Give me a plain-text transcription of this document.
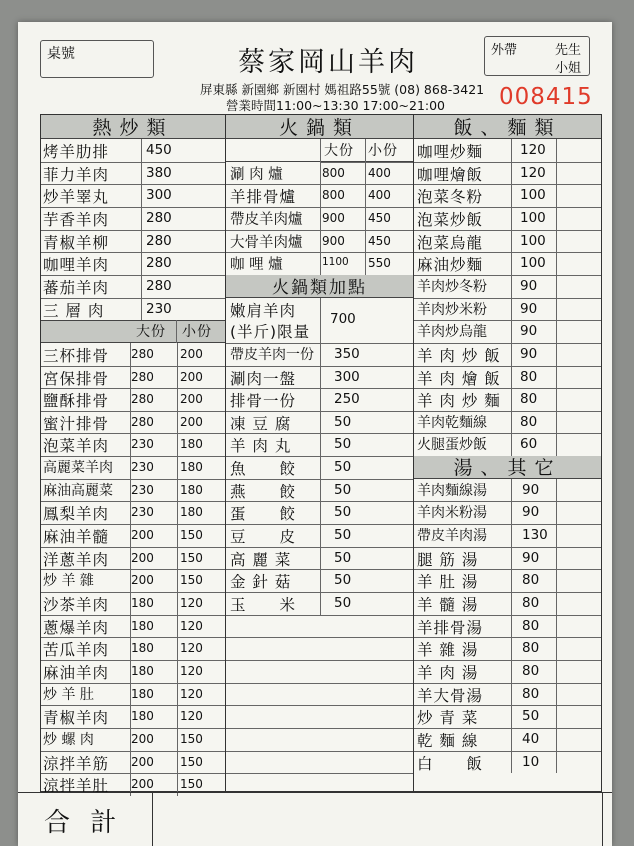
桌號	蔡家岡山羊肉
屏東縣 新園鄉 新園村 媽祖路55號 (08) 868-3421
營業時間11:00~13:30 17:00~21:00
外帶	先生
小姐
008415
熱炒類	火鍋類	飯、麵類
烤羊肋排	450
菲力羊肉	380
炒羊睪丸	300
芋香羊肉	280
青椒羊柳	280
咖哩羊肉	280
蕃茄羊肉	280
三 層 肉	230
大份 小份
三杯排骨 280 200
宮保排骨 280 200
鹽酥排骨 280 200
蜜汁排骨 280 200
泡菜羊肉 230 180
高麗菜羊肉 230 180
麻油高麗菜 230 180
鳳梨羊肉 230 180
麻油羊髓 200 150
洋蔥羊肉 200 150
炒 羊 雜	200 150
沙茶羊肉 180 120
蔥爆羊肉 180 120
苦瓜羊肉 180 120
麻油羊肉 180 120
炒 羊 肚	180 120
青椒羊肉 180 120
炒 螺 肉	200 150
涼拌羊筋 200 150
涼拌羊肚 200 150
大份 小份
涮 肉 爐	800 400
羊排骨爐 800 400
帶皮羊肉爐 900 450
大骨羊肉爐 900 450
咖 哩 爐	1100 550
火鍋類加點
嫩肩羊肉
(半斤)限量
700
帶皮羊肉一份 350
涮肉一盤	300
排骨一份	250
凍 豆 腐	50
羊 肉 丸	50
魚　　餃	50
燕　　餃	50
蛋　　餃	50
豆　　皮	50
高 麗 菜	50
金 針 菇	50
玉　　米	50
咖哩炒麵	120
咖哩燴飯	120
泡菜冬粉	100
泡菜炒飯	100
泡菜烏龍	100
麻油炒麵	100
羊肉炒冬粉 90
羊肉炒米粉 90
羊肉炒烏龍 90
羊 肉 炒 飯 90
羊 肉 燴 飯 80
羊 肉 炒 麵 80
羊肉乾麵線 80
火腿蛋炒飯 60
湯、其它
羊肉麵線湯	90
羊肉米粉湯	90
帶皮羊肉湯	130
腿 筋 湯	90
羊 肚 湯	80
羊 髓 湯	80
羊排骨湯	80
羊 雜 湯	80
羊 肉 湯	80
羊大骨湯	80
炒 青 菜	50
乾 麵 線	40
白　　飯	10
合 計
